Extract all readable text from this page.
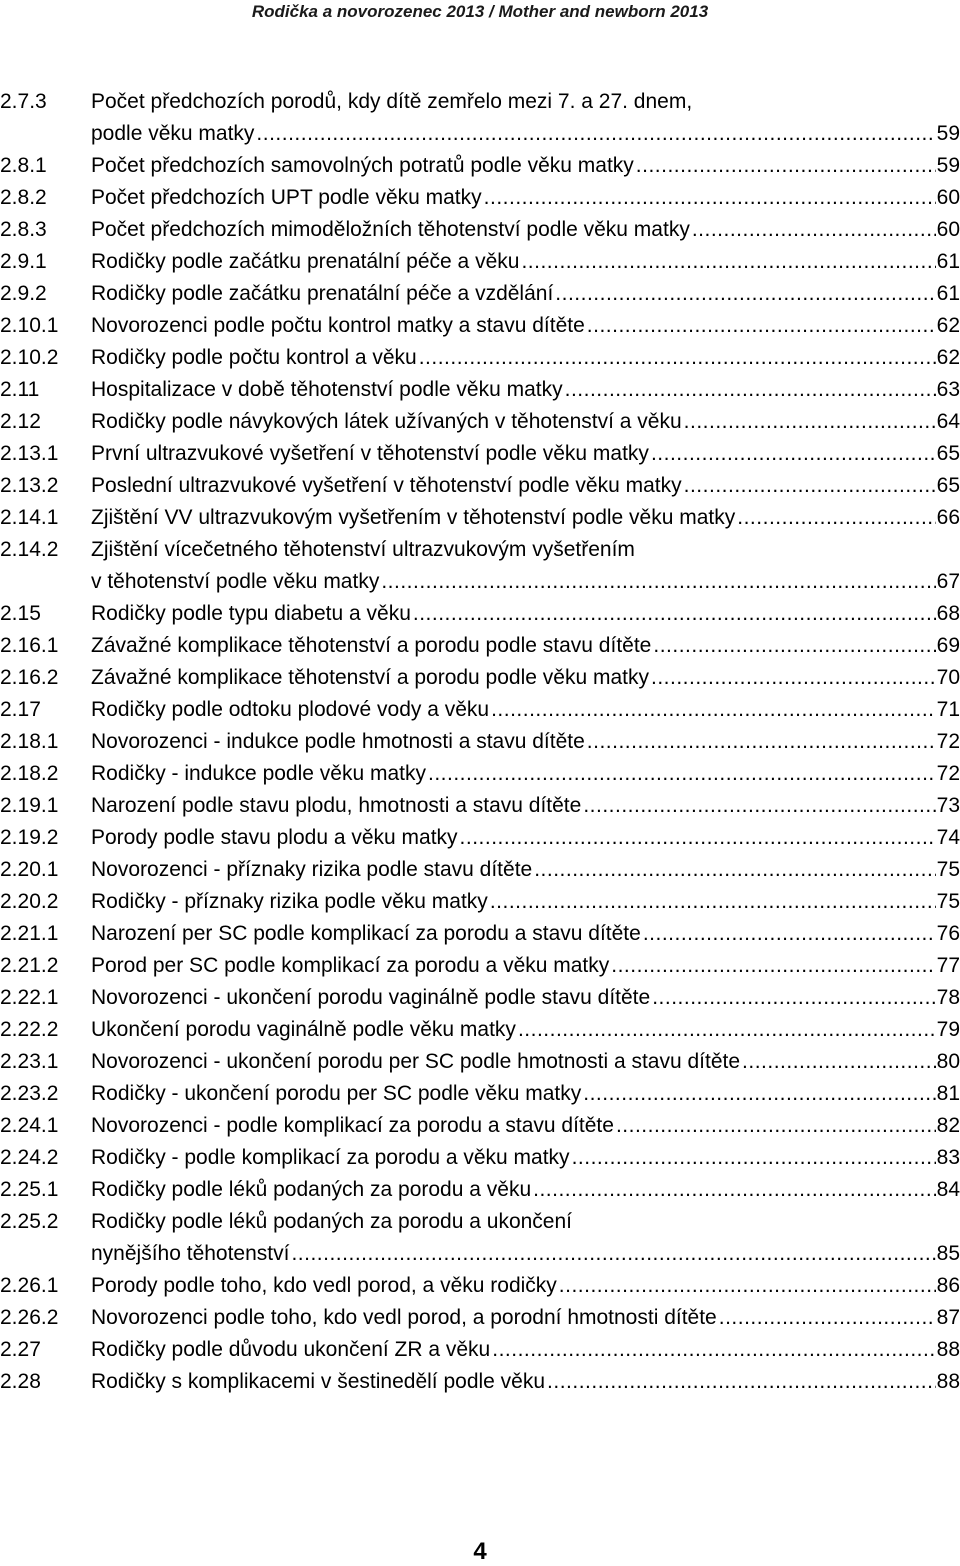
Rodička a novorozenec 2013 / Mother and newborn 2013
2.7.3 Počet předchozích porodů, kdy dítě zemřelo mezi 7. a 27. dnem,
podle věku matky .....	59
2.8.1 Počet předchozích samovolných potratů podle věku matky .....	59
2.8.2 Počet předchozích UPT podle věku matky .....	60
2.8.3 Počet předchozích mimoděložních těhotenství podle věku matky .....	60
2.9.1 Rodičky podle začátku prenatální péče a věku .....	61
2.9.2 Rodičky podle začátku prenatální péče a vzdělání .....	61
2.10.1 Novorozenci podle počtu kontrol matky a stavu dítěte .....	62
2.10.2 Rodičky podle počtu kontrol a věku .....	62
2.11 Hospitalizace v době těhotenství podle věku matky .....	63
2.12 Rodičky podle návykových látek užívaných v těhotenství a věku .....	64
2.13.1 První ultrazvukové vyšetření v těhotenství podle věku matky .....	65
2.13.2 Poslední ultrazvukové vyšetření v těhotenství podle věku matky .....	65
2.14.1 Zjištění VV ultrazvukovým vyšetřením v těhotenství podle věku matky .....	66
2.14.2 Zjištění vícečetného těhotenství ultrazvukovým vyšetřením
v těhotenství podle věku matky .....	67
2.15 Rodičky podle typu diabetu a věku .....	68
2.16.1 Závažné komplikace těhotenství a porodu podle stavu dítěte .....	69
2.16.2 Závažné komplikace těhotenství a porodu podle věku matky .....	70
2.17 Rodičky podle odtoku plodové vody a věku .....	71
2.18.1 Novorozenci - indukce podle hmotnosti a stavu dítěte .....	72
2.18.2 Rodičky - indukce podle věku matky .....	72
2.19.1 Narození podle stavu plodu, hmotnosti a stavu dítěte .....	73
2.19.2 Porody podle stavu plodu a věku matky .....	74
2.20.1 Novorozenci - příznaky rizika podle stavu dítěte .....	75
2.20.2 Rodičky - příznaky rizika podle věku matky .....	75
2.21.1 Narození per SC podle komplikací za porodu a stavu dítěte .....	76
2.21.2 Porod per SC podle komplikací za porodu a věku matky .....	77
2.22.1 Novorozenci - ukončení porodu vaginálně podle stavu dítěte .....	78
2.22.2 Ukončení porodu vaginálně podle věku matky .....	79
2.23.1 Novorozenci - ukončení porodu per SC podle hmotnosti a stavu dítěte .....	80
2.23.2 Rodičky - ukončení porodu per SC podle věku matky .....	81
2.24.1 Novorozenci - podle komplikací za porodu a stavu dítěte .....	82
2.24.2 Rodičky - podle komplikací za porodu a věku matky .....	83
2.25.1 Rodičky podle léků podaných za porodu a věku .....	84
2.25.2 Rodičky podle léků podaných za porodu a ukončení
nynějšího těhotenství .....	85
2.26.1 Porody podle toho, kdo vedl porod, a věku rodičky .....	86
2.26.2 Novorozenci podle toho, kdo vedl porod, a porodní hmotnosti dítěte .....	87
2.27 Rodičky podle důvodu ukončení ZR a věku .....	88
2.28 Rodičky s komplikacemi v šestinedělí podle věku .....	88
4
